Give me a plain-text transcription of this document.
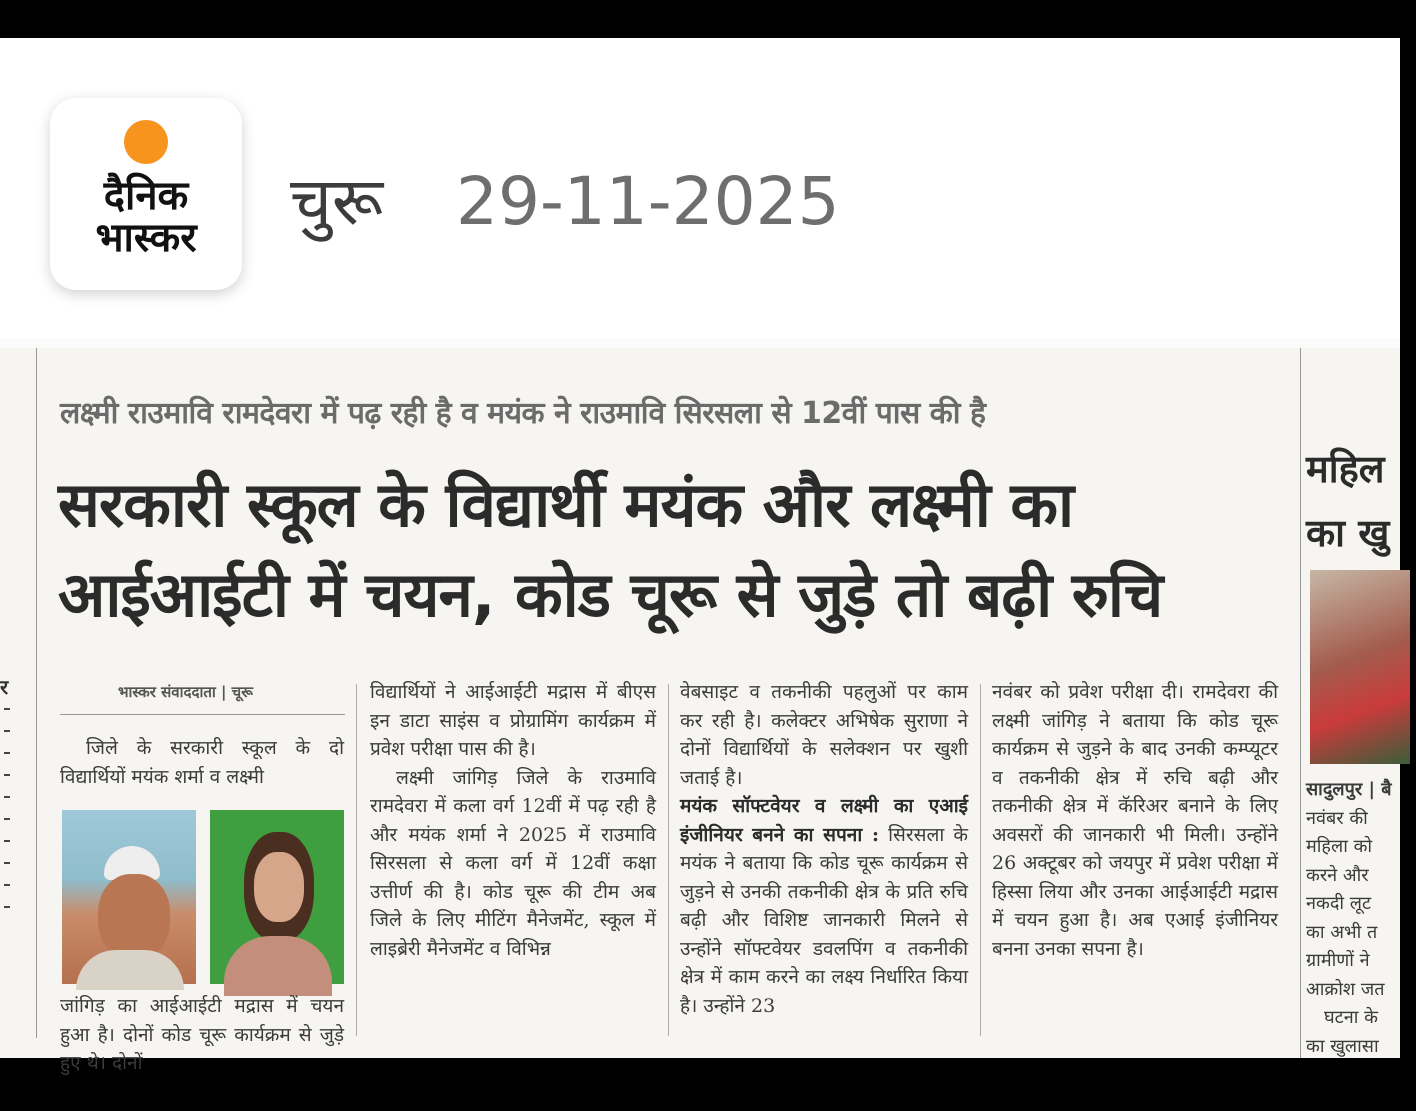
दैनिक
भास्कर	चुरू 29-11-2025
र
लक्ष्मी राउमावि रामदेवरा में पढ़ रही है व मयंक ने राउमावि सिरसला से 12वीं पास की है
सरकारी स्कूल के विद्यार्थी मयंक और लक्ष्मी का
आईआईटी में चयन, कोड चूरू से जुड़े तो बढ़ी रुचि
भास्कर संवाददाता | चूरू

जिले के सरकारी स्कूल के दो विद्यार्थियों मयंक शर्मा व लक्ष्मी

जांगिड़ का आईआईटी मद्रास में चयन हुआ है। दोनों कोड चूरू कार्यक्रम से जुड़े हुए थे। दोनों

विद्यार्थियों ने आईआईटी मद्रास में बीएस इन डाटा साइंस व प्रोग्रामिंग कार्यक्रम में प्रवेश परीक्षा पास की है।

लक्ष्मी जांगिड़ जिले के राउमावि रामदेवरा में कला वर्ग 12वीं में पढ़ रही है और मयंक शर्मा ने 2025 में राउमावि सिरसला से कला वर्ग में 12वीं कक्षा उत्तीर्ण की है। कोड चूरू की टीम अब जिले के लिए मीटिंग मैनेजमेंट, स्कूल में लाइब्रेरी मैनेजमेंट व विभिन्न

वेबसाइट व तकनीकी पहलुओं पर काम कर रही है। कलेक्टर अभिषेक सुराणा ने दोनों विद्यार्थियों के सलेक्शन पर खुशी जताई है।

मयंक सॉफ्टवेयर व लक्ष्मी का एआई इंजीनियर बनने का सपना : सिरसला के मयंक ने बताया कि कोड चूरू कार्यक्रम से जुड़ने से उनकी तकनीकी क्षेत्र के प्रति रुचि बढ़ी और विशिष्ट जानकारी मिलने से उन्होंने सॉफ्टवेयर डवलपिंग व तकनीकी क्षेत्र में काम करने का लक्ष्य निर्धारित किया है। उन्होंने 23

नवंबर को प्रवेश परीक्षा दी। रामदेवरा की लक्ष्मी जांगिड़ ने बताया कि कोड चूरू कार्यक्रम से जुड़ने के बाद उनकी कम्प्यूटर व तकनीकी क्षेत्र में रुचि बढ़ी और तकनीकी क्षेत्र में कॅरिअर बनाने के लिए अवसरों की जानकारी भी मिली। उन्होंने 26 अक्टूबर को जयपुर में प्रवेश परीक्षा में हिस्सा लिया और उनका आईआईटी मद्रास में चयन हुआ है। अब एआई इंजीनियर बनना उनका सपना है।

महिल
का खु
सादुलपुर | बै
नवंबर की
महिला को
करने और
नकदी लूट
का अभी त
ग्रामीणों ने
आक्रोश जत
घटना के
का खुलासा
